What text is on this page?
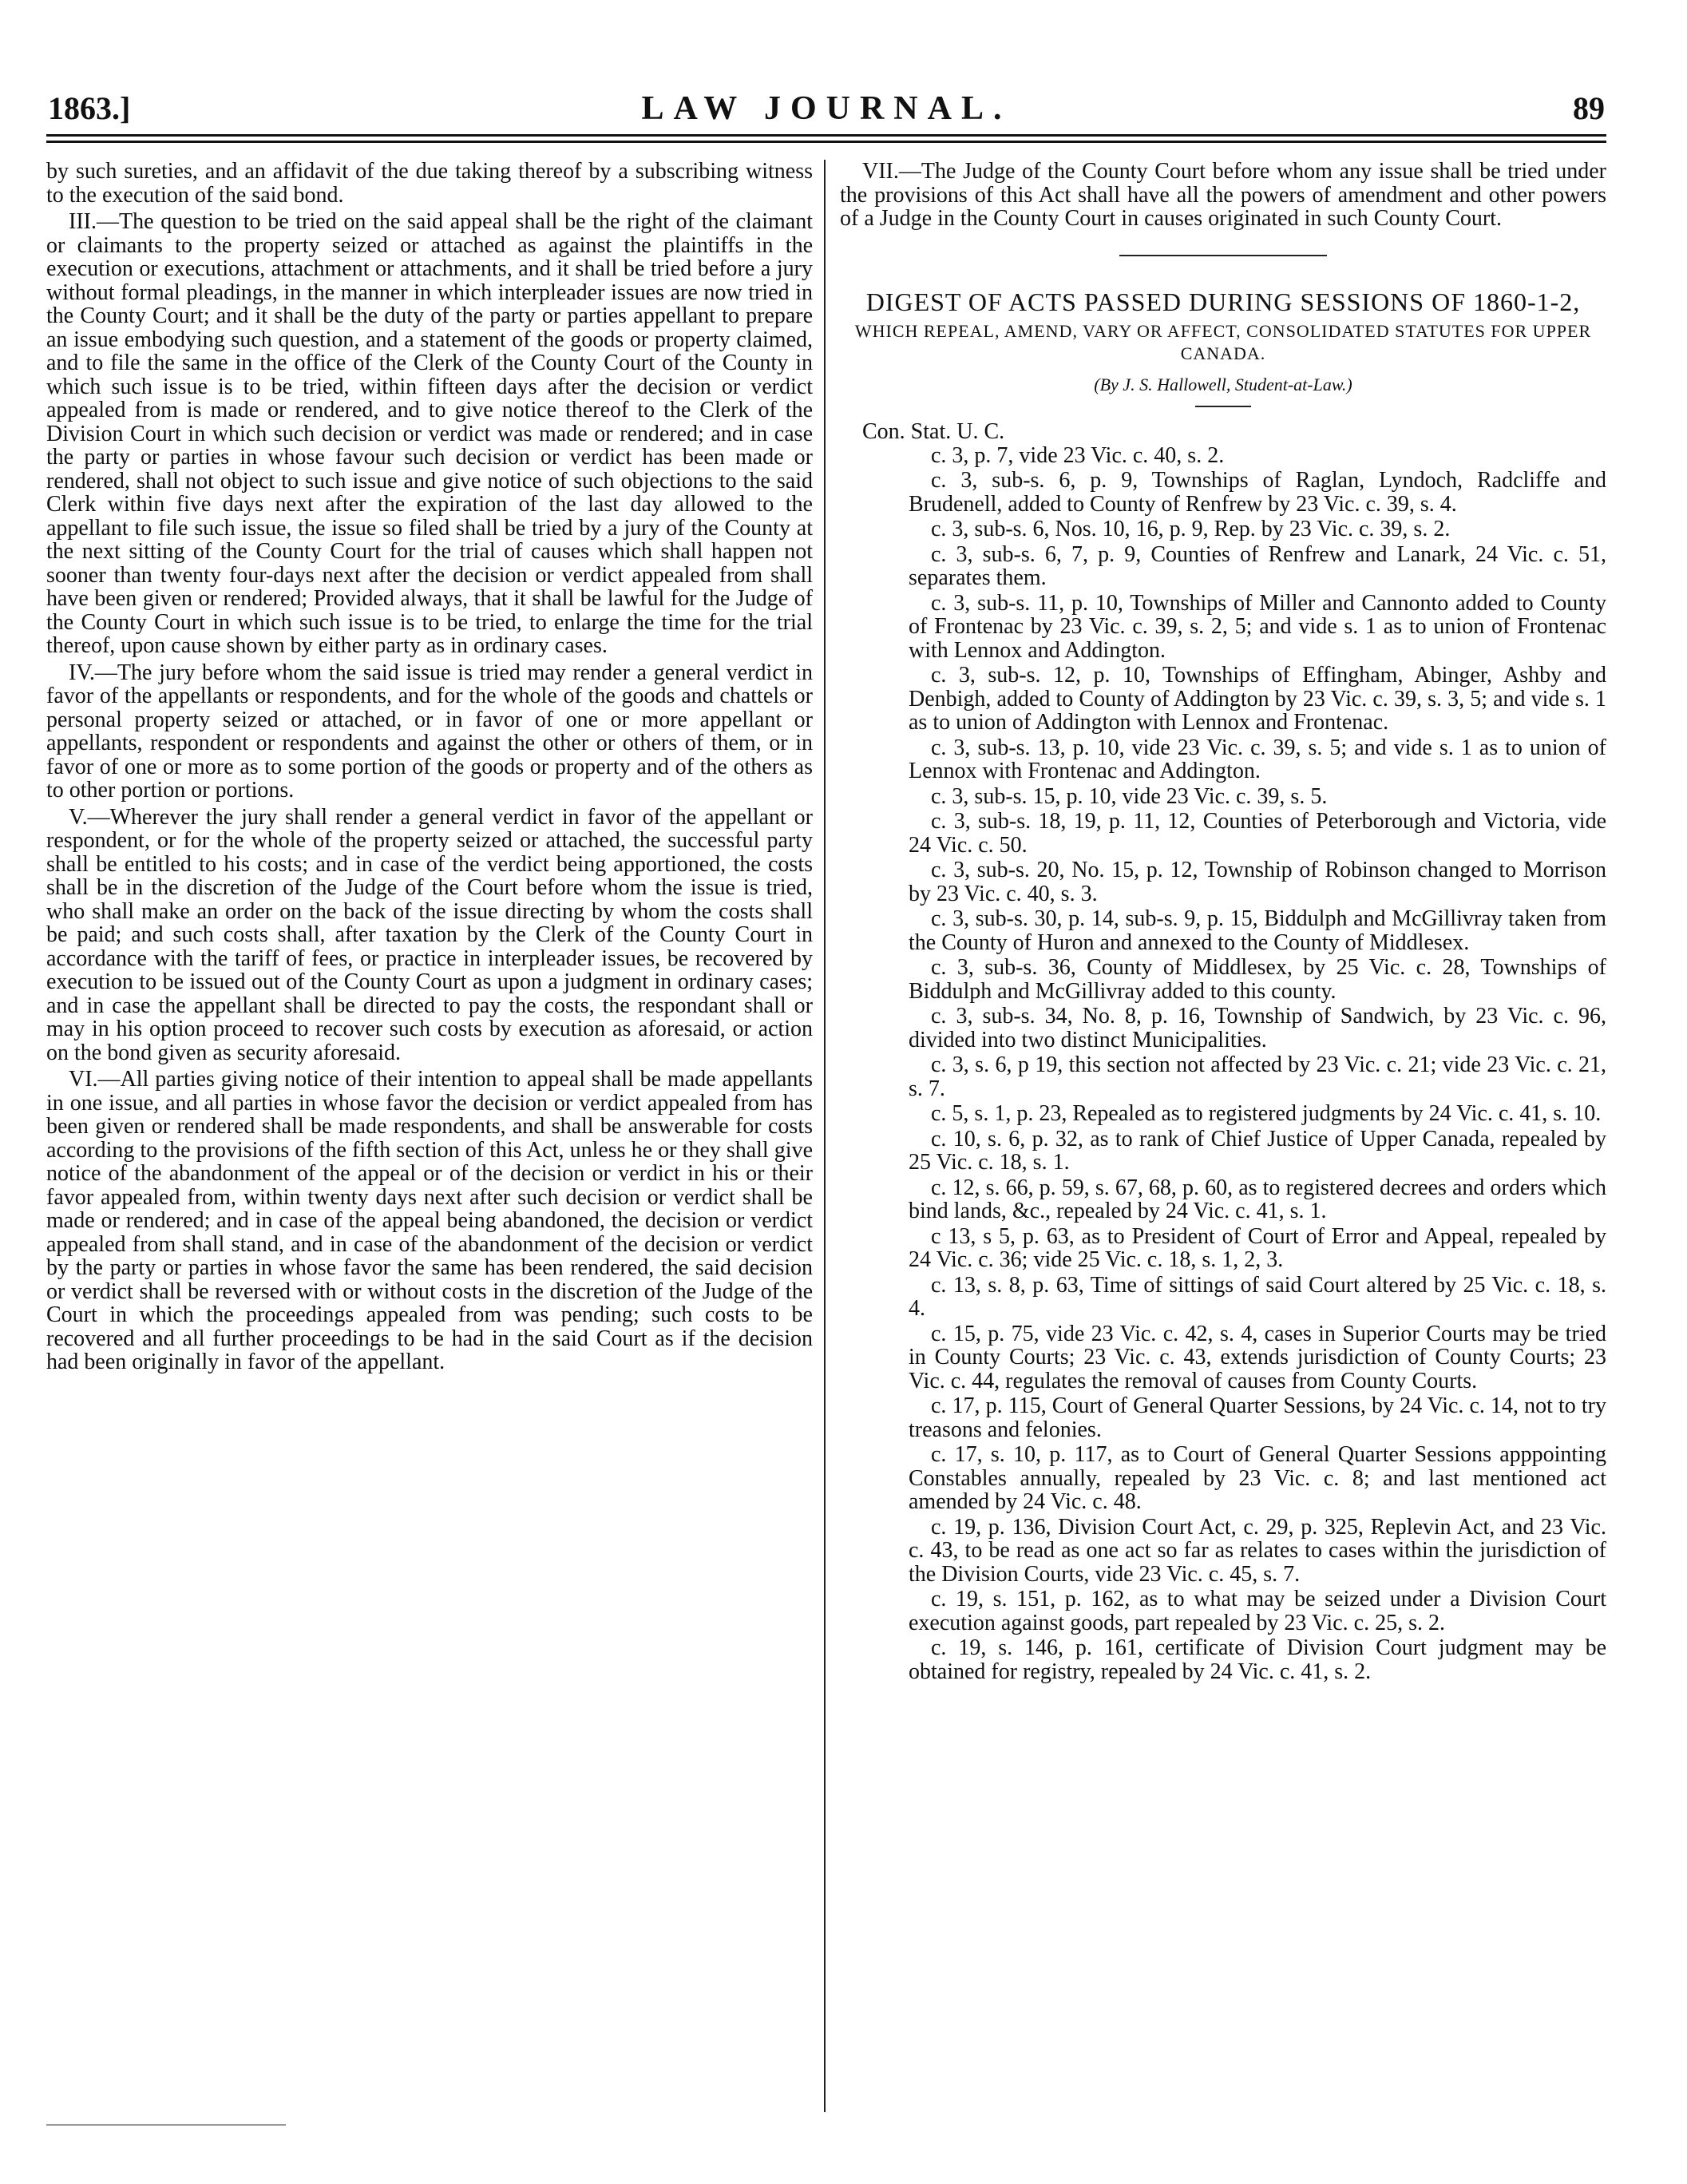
1863.]	LAW JOURNAL.	89

by such sureties, and an affidavit of the due taking thereof by a subscribing witness to the execution of the said bond.

III.—The question to be tried on the said appeal shall be the right of the claimant or claimants to the property seized or attached as against the plaintiffs in the execution or executions, attachment or attachments, and it shall be tried before a jury without formal pleadings, in the manner in which interpleader issues are now tried in the County Court; and it shall be the duty of the party or parties appellant to prepare an issue embodying such question, and a statement of the goods or property claimed, and to file the same in the office of the Clerk of the County Court of the County in which such issue is to be tried, within fifteen days after the decision or verdict appealed from is made or rendered, and to give notice thereof to the Clerk of the Division Court in which such decision or verdict was made or rendered; and in case the party or parties in whose favour such decision or verdict has been made or rendered, shall not object to such issue and give notice of such objections to the said Clerk within five days next after the expiration of the last day allowed to the appellant to file such issue, the issue so filed shall be tried by a jury of the County at the next sitting of the County Court for the trial of causes which shall happen not sooner than twenty four-days next after the decision or verdict appealed from shall have been given or rendered; Provided always, that it shall be lawful for the Judge of the County Court in which such issue is to be tried, to enlarge the time for the trial thereof, upon cause shown by either party as in ordinary cases.

IV.—The jury before whom the said issue is tried may render a general verdict in favor of the appellants or respondents, and for the whole of the goods and chattels or personal property seized or attached, or in favor of one or more appellant or appellants, respondent or respondents and against the other or others of them, or in favor of one or more as to some portion of the goods or property and of the others as to other portion or portions.

V.—Wherever the jury shall render a general verdict in favor of the appellant or respondent, or for the whole of the property seized or attached, the successful party shall be entitled to his costs; and in case of the verdict being apportioned, the costs shall be in the discretion of the Judge of the Court before whom the issue is tried, who shall make an order on the back of the issue directing by whom the costs shall be paid; and such costs shall, after taxation by the Clerk of the County Court in accordance with the tariff of fees, or practice in interpleader issues, be recovered by execution to be issued out of the County Court as upon a judgment in ordinary cases; and in case the appellant shall be directed to pay the costs, the respondant shall or may in his option proceed to recover such costs by execution as aforesaid, or action on the bond given as security aforesaid.

VI.—All parties giving notice of their intention to appeal shall be made appellants in one issue, and all parties in whose favor the decision or verdict appealed from has been given or rendered shall be made respondents, and shall be answerable for costs according to the provisions of the fifth section of this Act, unless he or they shall give notice of the abandonment of the appeal or of the decision or verdict in his or their favor appealed from, within twenty days next after such decision or verdict shall be made or rendered; and in case of the appeal being abandoned, the decision or verdict appealed from shall stand, and in case of the abandonment of the decision or verdict by the party or parties in whose favor the same has been rendered, the said decision or verdict shall be reversed with or without costs in the discretion of the Judge of the Court in which the proceedings appealed from was pending; such costs to be recovered and all further proceedings to be had in the said Court as if the decision had been originally in favor of the appellant.

VII.—The Judge of the County Court before whom any issue shall be tried under the provisions of this Act shall have all the powers of amendment and other powers of a Judge in the County Court in causes originated in such County Court.

DIGEST OF ACTS PASSED DURING SESSIONS OF 1860-1-2,
WHICH REPEAL, AMEND, VARY OR AFFECT, CONSOLIDATED STATUTES FOR UPPER CANADA.
(By J. S. Hallowell, Student-at-Law.)

Con. Stat. U. C.

c. 3, p. 7, vide 23 Vic. c. 40, s. 2.

c. 3, sub-s. 6, p. 9, Townships of Raglan, Lyndoch, Radcliffe and Brudenell, added to County of Renfrew by 23 Vic. c. 39, s. 4.

c. 3, sub-s. 6, Nos. 10, 16, p. 9, Rep. by 23 Vic. c. 39, s. 2.

c. 3, sub-s. 6, 7, p. 9, Counties of Renfrew and Lanark, 24 Vic. c. 51, separates them.

c. 3, sub-s. 11, p. 10, Townships of Miller and Cannonto added to County of Frontenac by 23 Vic. c. 39, s. 2, 5; and vide s. 1 as to union of Frontenac with Lennox and Addington.

c. 3, sub-s. 12, p. 10, Townships of Effingham, Abinger, Ashby and Denbigh, added to County of Addington by 23 Vic. c. 39, s. 3, 5; and vide s. 1 as to union of Addington with Lennox and Frontenac.

c. 3, sub-s. 13, p. 10, vide 23 Vic. c. 39, s. 5; and vide s. 1 as to union of Lennox with Frontenac and Addington.

c. 3, sub-s. 15, p. 10, vide 23 Vic. c. 39, s. 5.

c. 3, sub-s. 18, 19, p. 11, 12, Counties of Peterborough and Victoria, vide 24 Vic. c. 50.

c. 3, sub-s. 20, No. 15, p. 12, Township of Robinson changed to Morrison by 23 Vic. c. 40, s. 3.

c. 3, sub-s. 30, p. 14, sub-s. 9, p. 15, Biddulph and McGillivray taken from the County of Huron and annexed to the County of Middlesex.

c. 3, sub-s. 36, County of Middlesex, by 25 Vic. c. 28, Townships of Biddulph and McGillivray added to this county.

c. 3, sub-s. 34, No. 8, p. 16, Township of Sandwich, by 23 Vic. c. 96, divided into two distinct Municipalities.

c. 3, s. 6, p 19, this section not affected by 23 Vic. c. 21; vide 23 Vic. c. 21, s. 7.

c. 5, s. 1, p. 23, Repealed as to registered judgments by 24 Vic. c. 41, s. 10.

c. 10, s. 6, p. 32, as to rank of Chief Justice of Upper Canada, repealed by 25 Vic. c. 18, s. 1.

c. 12, s. 66, p. 59, s. 67, 68, p. 60, as to registered decrees and orders which bind lands, &c., repealed by 24 Vic. c. 41, s. 1.

c 13, s 5, p. 63, as to President of Court of Error and Appeal, repealed by 24 Vic. c. 36; vide 25 Vic. c. 18, s. 1, 2, 3.

c. 13, s. 8, p. 63, Time of sittings of said Court altered by 25 Vic. c. 18, s. 4.

c. 15, p. 75, vide 23 Vic. c. 42, s. 4, cases in Superior Courts may be tried in County Courts; 23 Vic. c. 43, extends jurisdiction of County Courts; 23 Vic. c. 44, regulates the removal of causes from County Courts.

c. 17, p. 115, Court of General Quarter Sessions, by 24 Vic. c. 14, not to try treasons and felonies.

c. 17, s. 10, p. 117, as to Court of General Quarter Sessions apppointing Constables annually, repealed by 23 Vic. c. 8; and last mentioned act amended by 24 Vic. c. 48.

c. 19, p. 136, Division Court Act, c. 29, p. 325, Replevin Act, and 23 Vic. c. 43, to be read as one act so far as relates to cases within the jurisdiction of the Division Courts, vide 23 Vic. c. 45, s. 7.

c. 19, s. 151, p. 162, as to what may be seized under a Division Court execution against goods, part repealed by 23 Vic. c. 25, s. 2.

c. 19, s. 146, p. 161, certificate of Division Court judgment may be obtained for registry, repealed by 24 Vic. c. 41, s. 2.
